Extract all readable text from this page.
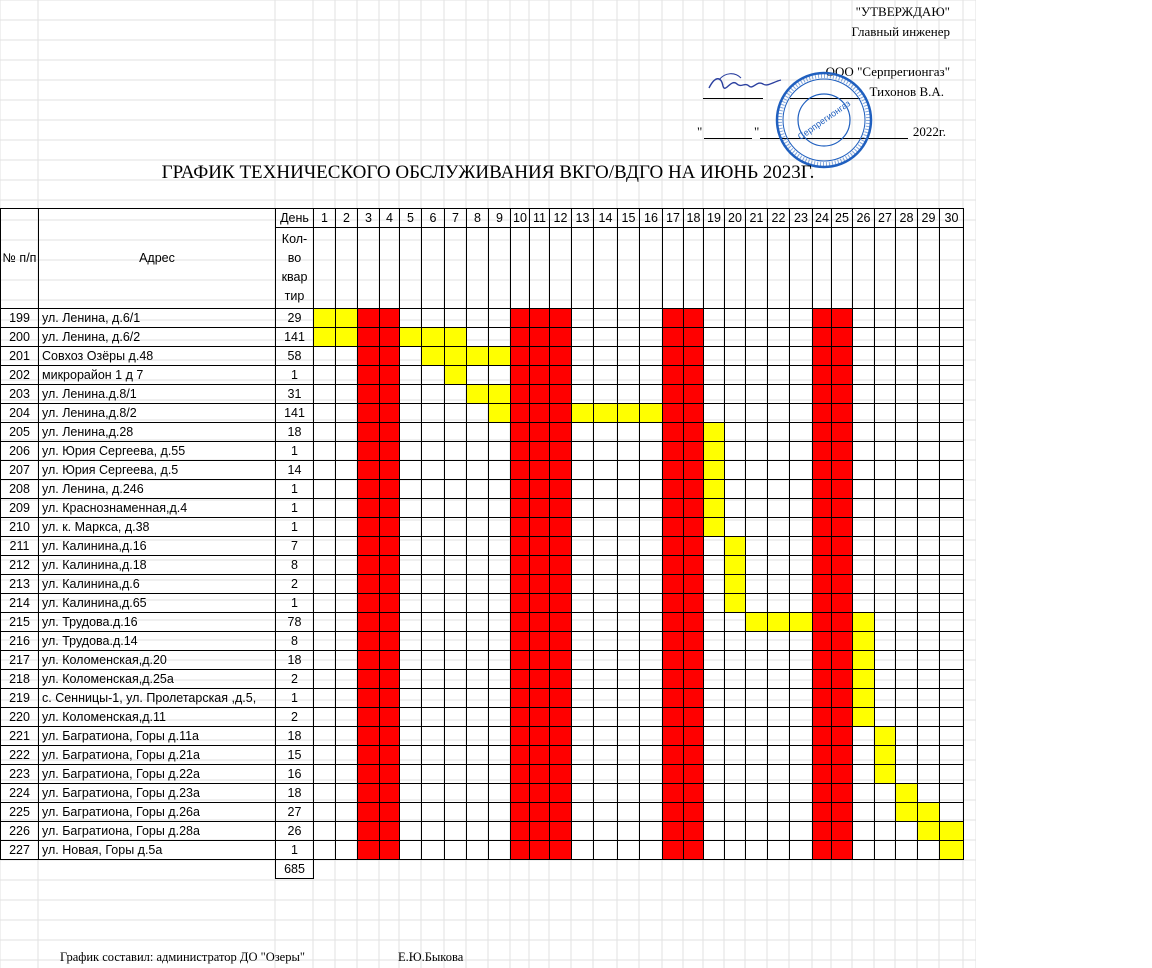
"УТВЕРЖДАЮ"
Главный инженер
ООО "Серпрегионгаз"
Тихонов В.А.
"	"	2022г.
Серпрегионгаз
ГРАФИК ТЕХНИЧЕСКОГО ОБСЛУЖИВАНИЯ ВКГО/ВДГО НА ИЮНЬ 2023Г.
№ п/п	Адрес	День	1	2	3	4	5	6	7	8	9	10	11	12	13	14	15	16	17	18	19	20	21	22	23	24	25	26	27	28	29	30

		Кол-
во
квар
тир																														

199	ул. Ленина, д.6/1	29																														
200	ул. Ленина, д.6/2	141																														
201	Совхоз Озёры д.48	58																														
202	микрорайон 1 д 7	1																														
203	ул. Ленина.д.8/1	31																														
204	ул. Ленина,д.8/2	141																														
205	ул. Ленина,д.28	18																														
206	ул. Юрия Сергеева, д.55	1																														
207	ул. Юрия Сергеева, д.5	14																														
208	ул. Ленина, д.246	1																														
209	ул. Краснознаменная,д.4	1																														
210	ул. к. Маркса, д.38	1																														
211	ул. Калинина,д.16	7																														
212	ул. Калинина,д.18	8																														
213	ул. Калинина,д.6	2																														
214	ул. Калинина,д.65	1																														
215	ул. Трудова.д.16	78																														
216	ул. Трудова.д.14	8																														
217	ул. Коломенская,д.20	18																														
218	ул. Коломенская,д.25а	2																														
219	с. Сенницы-1, ул. Пролетарская ,д.5,	1																														
220	ул. Коломенская,д.11	2																														
221	ул. Багратиона, Горы д.11а	18																														
222	ул. Багратиона, Горы д.21а	15																														
223	ул. Багратиона, Горы д.22а	16																														
224	ул. Багратиона, Горы д.23а	18																														
225	ул. Багратиона, Горы д.26а	27																														
226	ул. Багратиона, Горы д.28а	26																														
227	ул. Новая, Горы д.5а	1																														
		685																														
График составил: администратор ДО "Озеры"	Е.Ю.Быкова
